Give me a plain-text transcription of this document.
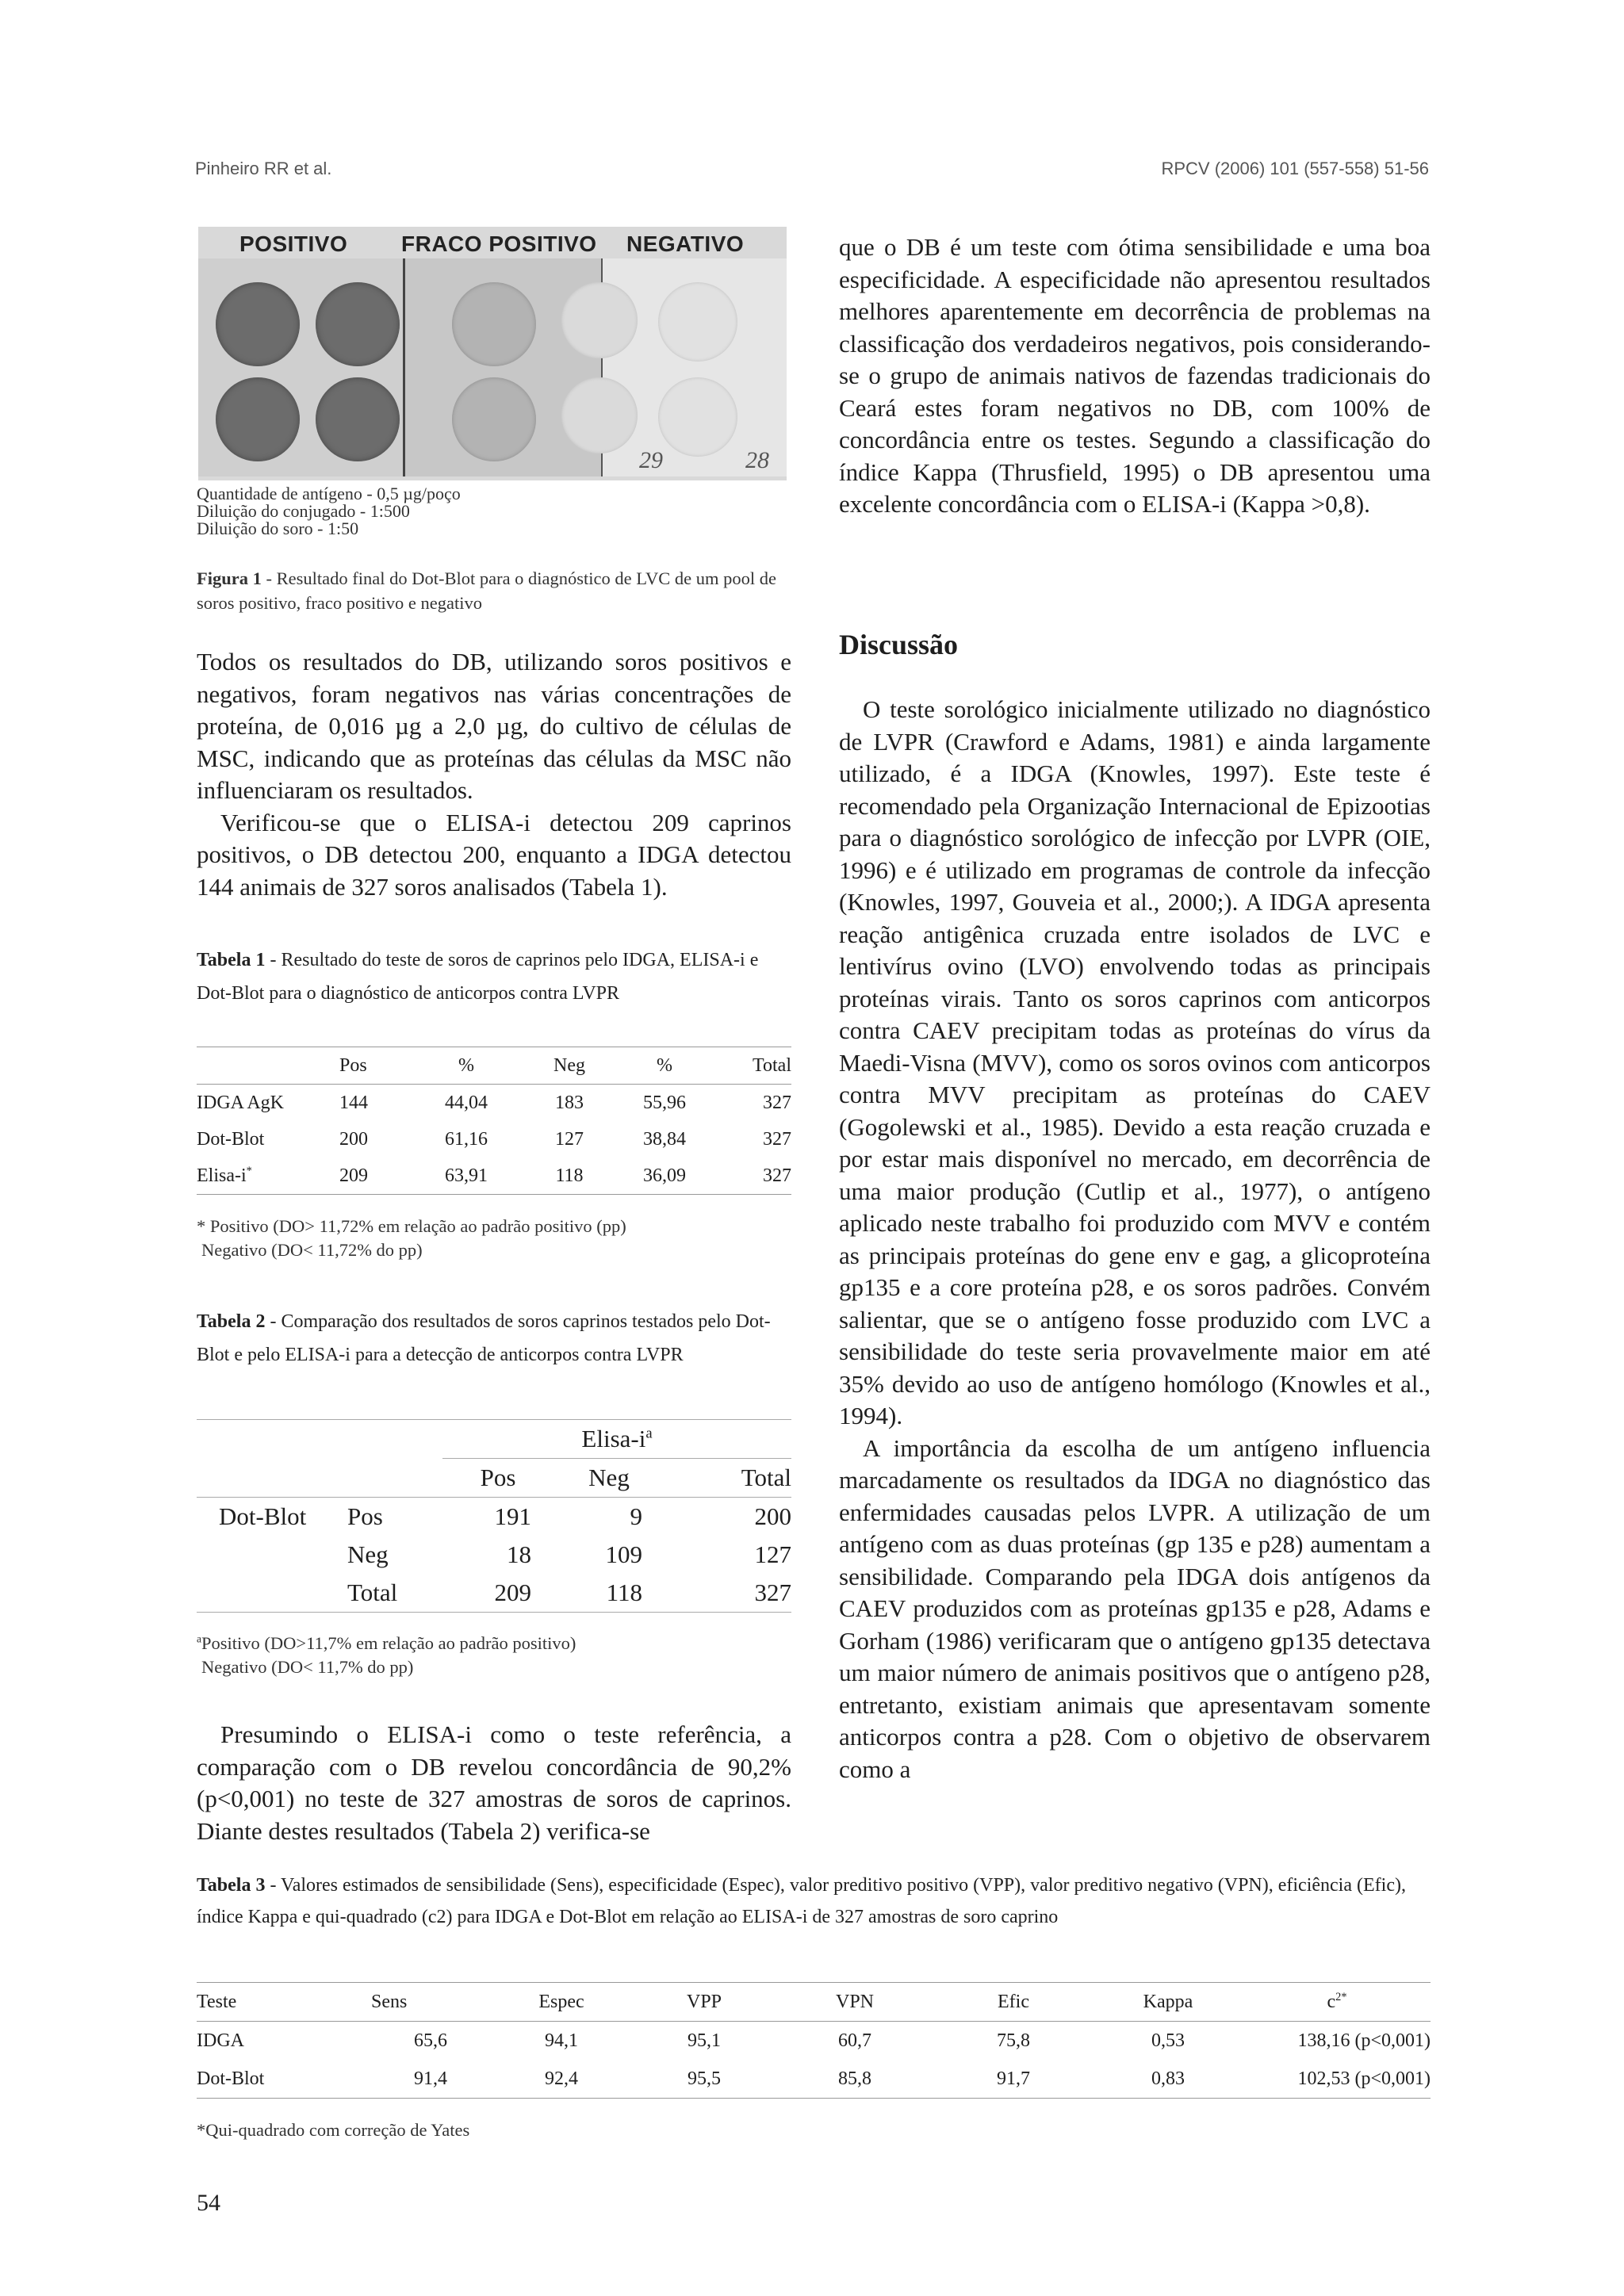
Pinheiro RR et al.	RPCV (2006) 101 (557-558) 51-56
POSITIVO FRACO POSITIVO NEGATIVO
29	28
Quantidade de antígeno - 0,5 µg/poço
Diluição do conjugado - 1:500
Diluição do soro - 1:50
Figura 1 - Resultado final do Dot-Blot para o diagnóstico de LVC de um pool de soros positivo, fraco positivo e negativo

Todos os resultados do DB, utilizando soros positivos e negativos, foram negativos nas várias concentrações de proteína, de 0,016 µg a 2,0 µg, do cultivo de células de MSC, indicando que as proteínas das células da MSC não influenciaram os resultados.

Verificou-se que o ELISA-i detectou 209 caprinos positivos, o DB detectou 200, enquanto a IDGA detectou 144 animais de 327 soros analisados (Tabela 1).

Tabela 1 - Resultado do teste de soros de caprinos pelo IDGA, ELISA-i e Dot-Blot para o diagnóstico de anticorpos contra LVPR
	Pos	%	Neg	%	Total
IDGA AgK	144	44,04	183	55,96	327
Dot-Blot	200	61,16	127	38,84	327
Elisa-i*	209	63,91	118	36,09	327
* Positivo (DO> 11,72% em relação ao padrão positivo (pp)
Negativo (DO< 11,72% do pp)
Tabela 2 - Comparação dos resultados de soros caprinos testados pelo Dot-Blot e pelo ELISA-i para a detecção de anticorpos contra LVPR
		Elisa-$i^a$
		Pos	Neg	Total
Dot-Blot	Pos	191	9	200
	Neg	18	109	127
	Total	209	118	327
$^a$Positivo (DO>11,7% em relação ao padrão positivo)
Negativo (DO< 11,7% do pp)

Presumindo o ELISA-i como o teste referência, a comparação com o DB revelou concordância de 90,2% (p<0,001) no teste de 327 amostras de soros de caprinos. Diante destes resultados (Tabela 2) verifica-se

que o DB é um teste com ótima sensibilidade e uma boa especificidade. A especificidade não apresentou resultados melhores aparentemente em decorrência de problemas na classificação dos verdadeiros negativos, pois considerando-se o grupo de animais nativos de fazendas tradicionais do Ceará estes foram negativos no DB, com 100% de concordância entre os testes. Segundo a classificação do índice Kappa (Thrusfield, 1995) o DB apresentou uma excelente concordância com o ELISA-i (Kappa >0,8).

Discussão

O teste sorológico inicialmente utilizado no diagnóstico de LVPR (Crawford e Adams, 1981) e ainda largamente utilizado, é a IDGA (Knowles, 1997). Este teste é recomendado pela Organização Internacional de Epizootias para o diagnóstico sorológico de infecção por LVPR (OIE, 1996) e é utilizado em programas de controle da infecção (Knowles, 1997, Gouveia et al., 2000;). A IDGA apresenta reação antigênica cruzada entre isolados de LVC e lentivírus ovino (LVO) envolvendo todas as principais proteínas virais. Tanto os soros caprinos com anticorpos contra CAEV precipitam todas as proteínas do vírus da Maedi-Visna (MVV), como os soros ovinos com anticorpos contra MVV precipitam as proteínas do CAEV (Gogolewski et al., 1985). Devido a esta reação cruzada e por estar mais disponível no mercado, em decorrência de uma maior produção (Cutlip et al., 1977), o antígeno aplicado neste trabalho foi produzido com MVV e contém as principais proteínas do gene env e gag, a glicoproteína gp135 e a core proteína p28, e os soros padrões. Convém salientar, que se o antígeno fosse produzido com LVC a sensibilidade do teste seria provavelmente maior em até 35% devido ao uso de antígeno homólogo (Knowles et al., 1994).

A importância da escolha de um antígeno influencia marcadamente os resultados da IDGA no diagnóstico das enfermidades causadas pelos LVPR. A utilização de um antígeno com as duas proteínas (gp 135 e p28) aumentam a sensibilidade. Comparando pela IDGA dois antígenos da CAEV produzidos com as proteínas gp135 e p28, Adams e Gorham (1986) verificaram que o antígeno gp135 detectava um maior número de animais positivos que o antígeno p28, entretanto, existiam animais que apresentavam somente anticorpos contra a p28. Com o objetivo de observarem como a

Tabela 3 - Valores estimados de sensibilidade (Sens), especificidade (Espec), valor preditivo positivo (VPP), valor preditivo negativo (VPN), eficiência (Efic), índice Kappa e qui-quadrado (c2) para IDGA e Dot-Blot em relação ao ELISA-i de 327 amostras de soro caprino
Teste	Sens	Espec	VPP	VPN	Efic	Kappa	$c^{2*}$
IDGA	65,6	94,1	95,1	60,7	75,8	0,53	138,16 (p<0,001)
Dot-Blot	91,4	92,4	95,5	85,8	91,7	0,83	102,53 (p<0,001)
*Qui-quadrado com correção de Yates
54
